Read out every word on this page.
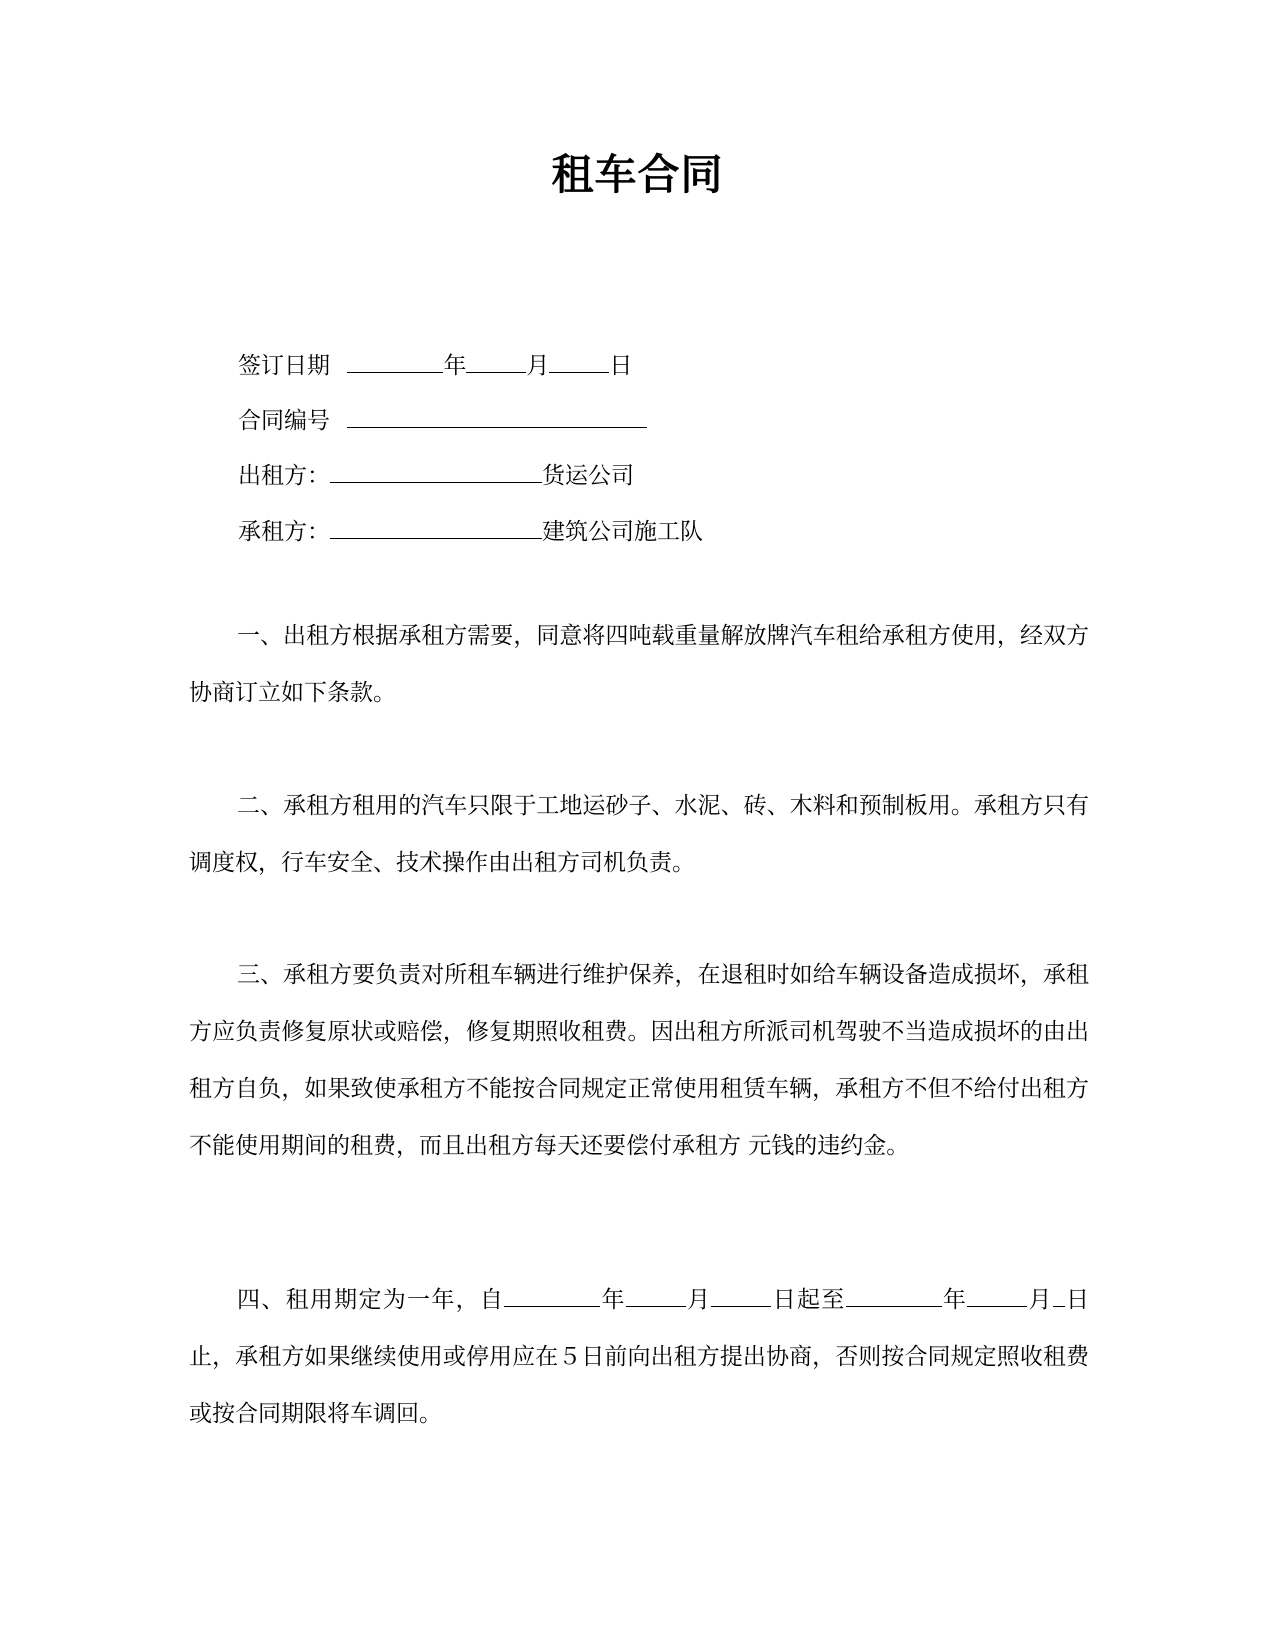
租车合同
签订日期	年	月	日
合同编号
出租方：	货运公司
承租方：	建筑公司施工队

一、出租方根据承租方需要，同意将四吨载重量解放牌汽车租给承租方使用，经双方协商订立如下条款。

二、承租方租用的汽车只限于工地运砂子、水泥、砖、木料和预制板用。承租方只有调度权，行车安全、技术操作由出租方司机负责。

三、承租方要负责对所租车辆进行维护保养，在退租时如给车辆设备造成损坏，承租方应负责修复原状或赔偿，修复期照收租费。因出租方所派司机驾驶不当造成损坏的由出租方自负，如果致使承租方不能按合同规定正常使用租赁车辆，承租方不但不给付出租方不能使用期间的租费，而且出租方每天还要偿付承租方 元钱的违约金。

四、租用期定为一年，自	年	月	日起至	年	月 日止，承租方如果继续使用或停用应在５日前向出租方提出协商，否则按合同规定照收租费或按合同期限将车调回。
